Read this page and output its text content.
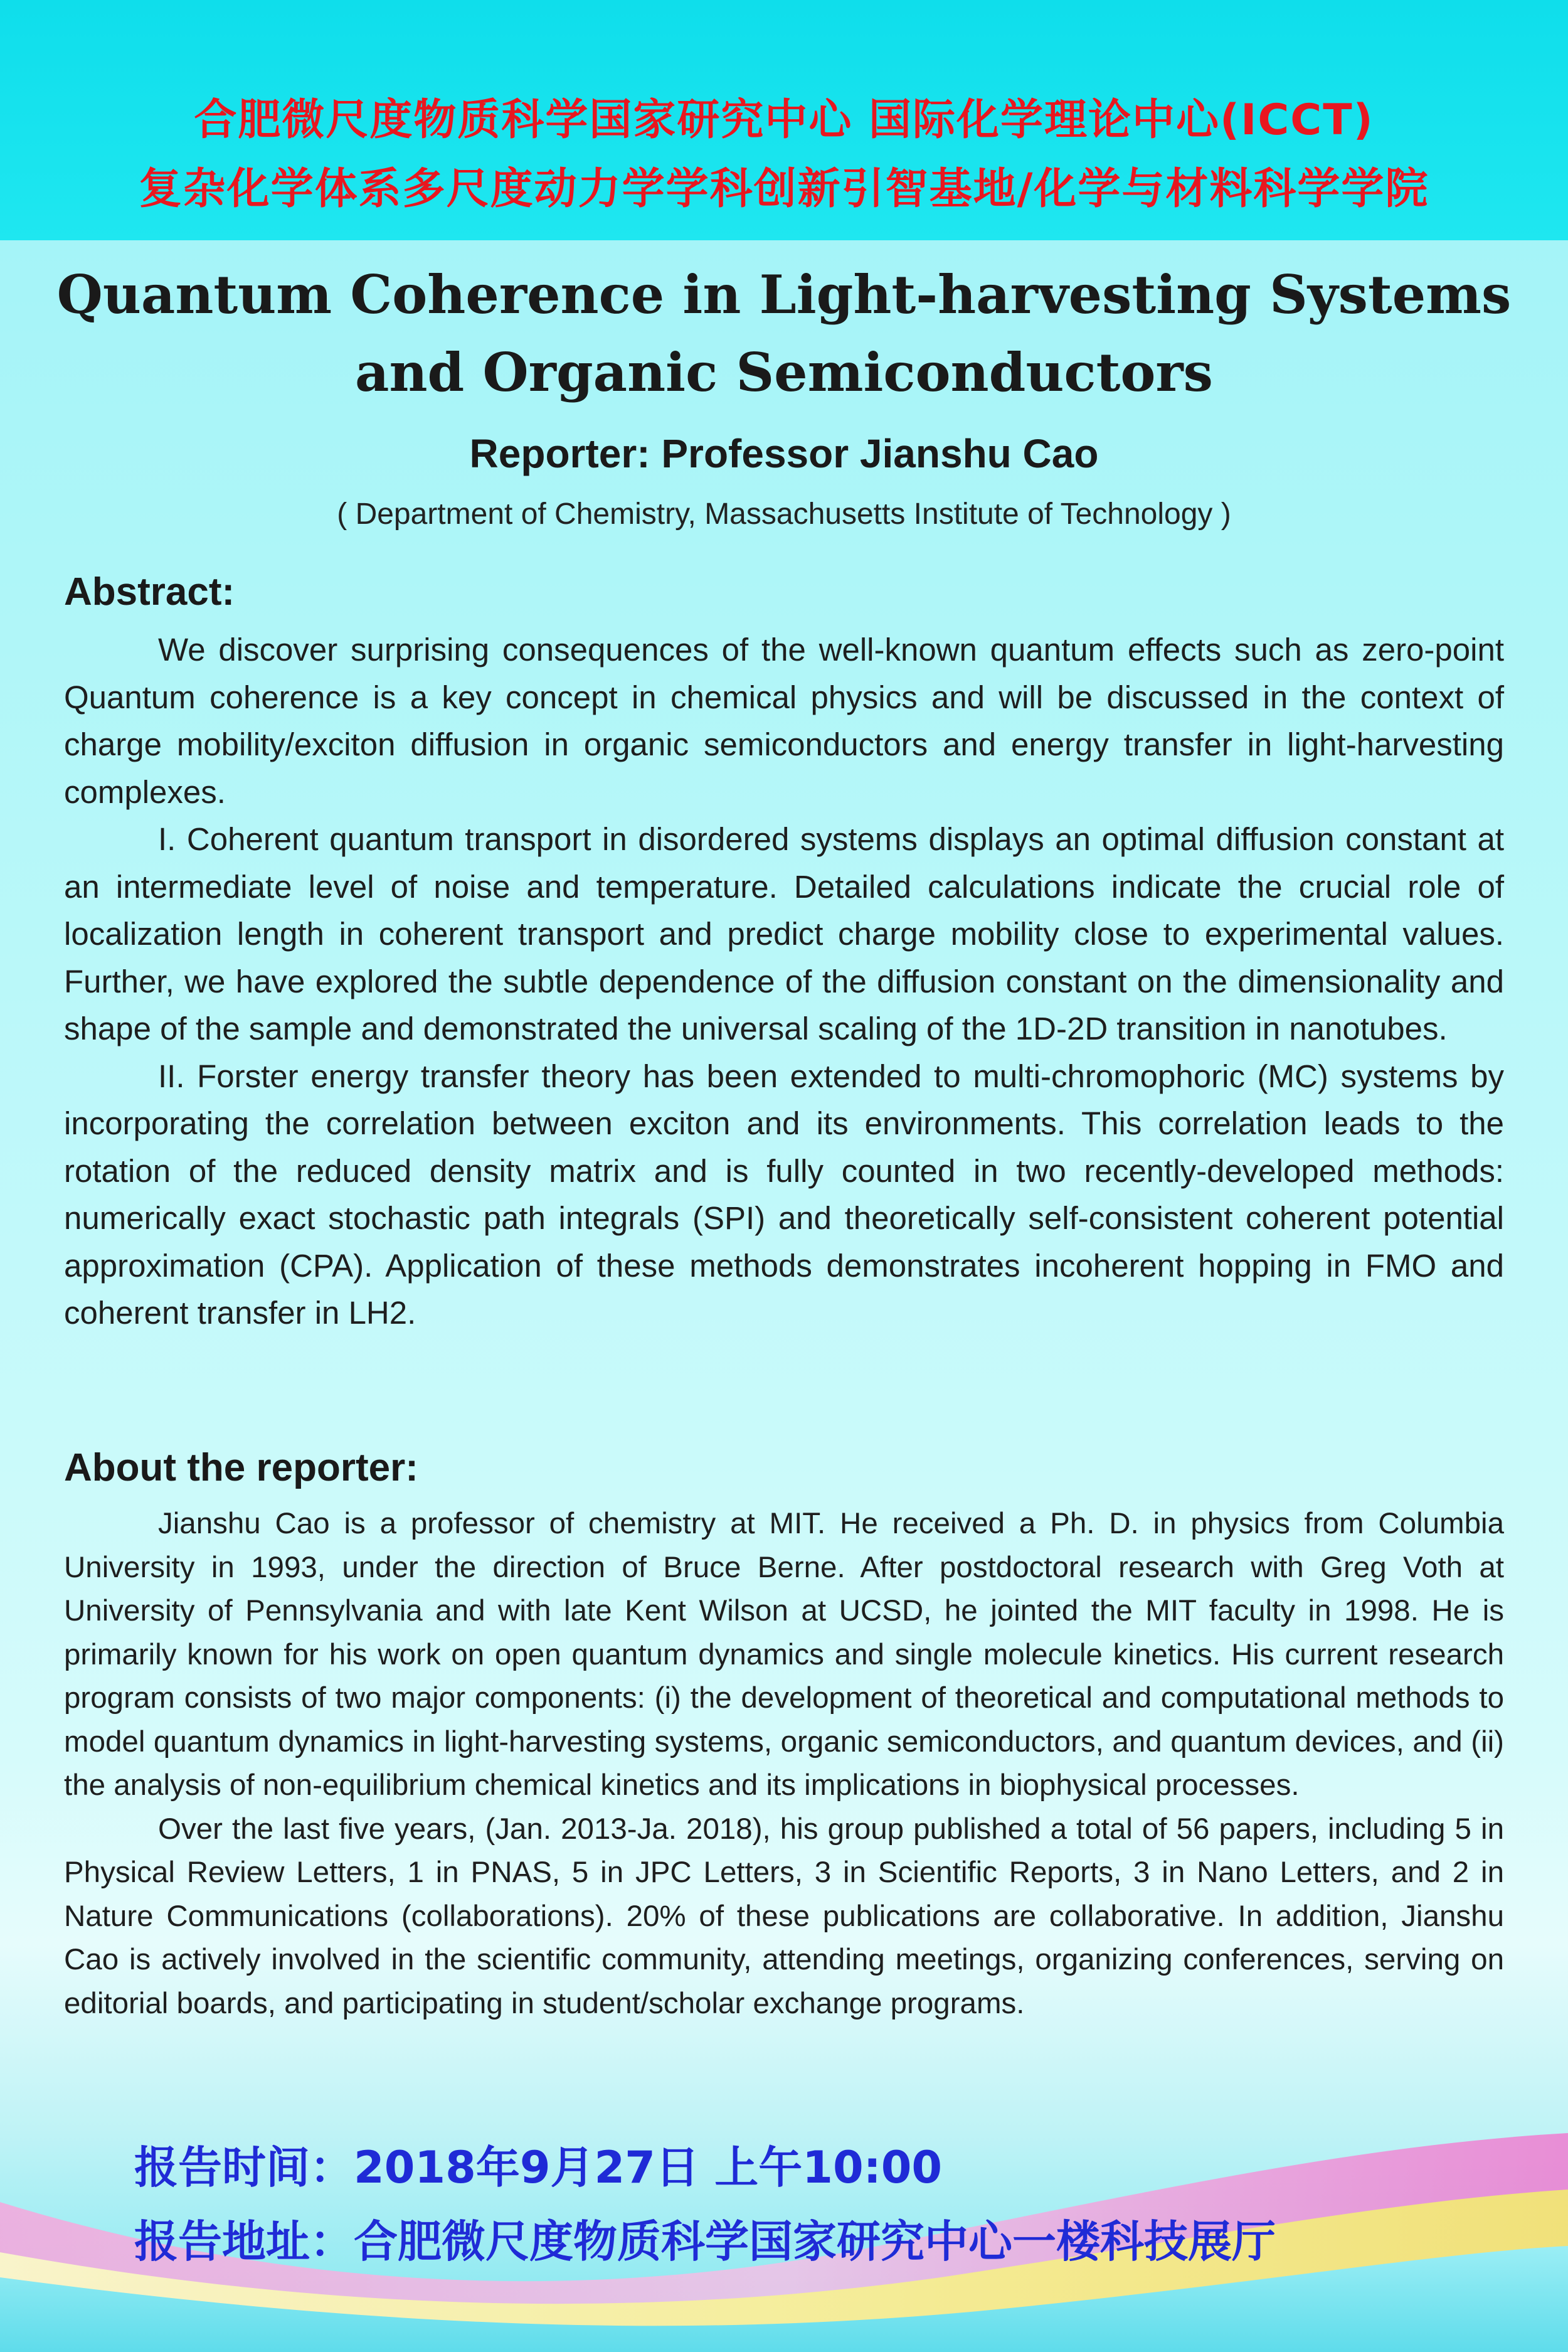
合肥微尺度物质科学国家研究中心 国际化学理论中心(ICCT)
复杂化学体系多尺度动力学学科创新引智基地/化学与材料科学学院
Quantum Coherence in Light-harvesting Systems
and Organic Semiconductors
Reporter: Professor Jianshu Cao
( Department of Chemistry, Massachusetts Institute of Technology )
Abstract:

We discover surprising consequences of the well-known quantum effects such as zero-point Quantum coherence is a key concept in chemical physics and will be discussed in the context of charge mobility/exciton diffusion in organic semiconductors and energy transfer in light-harvesting complexes.

I. Coherent quantum transport in disordered systems displays an optimal diffusion constant at an intermediate level of noise and temperature. Detailed calculations indicate the crucial role of localization length in coherent transport and predict charge mobility close to experimental values. Further, we have explored the subtle dependence of the diffusion constant on the dimensionality and shape of the sample and demonstrated the universal scaling of the 1D-2D transition in nanotubes.

II. Forster energy transfer theory has been extended to multi-chromophoric (MC) systems by incorporating the correlation between exciton and its environments. This correlation leads to the rotation of the reduced density matrix and is fully counted in two recently-developed methods: numerically exact stochastic path integrals (SPI) and theoretically self-consistent coherent potential approximation (CPA). Application of these methods demonstrates incoherent hopping in FMO and coherent transfer in LH2.

About the reporter:

Jianshu Cao is a professor of chemistry at MIT. He received a Ph. D. in physics from Columbia University in 1993, under the direction of Bruce Berne. After postdoctoral research with Greg Voth at University of Pennsylvania and with late Kent Wilson at UCSD, he jointed the MIT faculty in 1998. He is primarily known for his work on open quantum dynamics and single molecule kinetics. His current research program consists of two major components: (i) the development of theoretical and computational methods to model quantum dynamics in light-harvesting systems, organic semiconductors, and quantum devices, and (ii) the analysis of non-equilibrium chemical kinetics and its implications in biophysical processes.

Over the last five years, (Jan. 2013-Ja. 2018), his group published a total of 56 papers, including 5 in Physical Review Letters, 1 in PNAS, 5 in JPC Letters, 3 in Scientific Reports, 3 in Nano Letters, and 2 in Nature Communications (collaborations). 20% of these publications are collaborative. In addition, Jianshu Cao is actively involved in the scientific community, attending meetings, organizing conferences, serving on editorial boards, and participating in student/scholar exchange programs.

报告时间：2018年9月27日 上午10:00
报告地址：合肥微尺度物质科学国家研究中心一楼科技展厅
